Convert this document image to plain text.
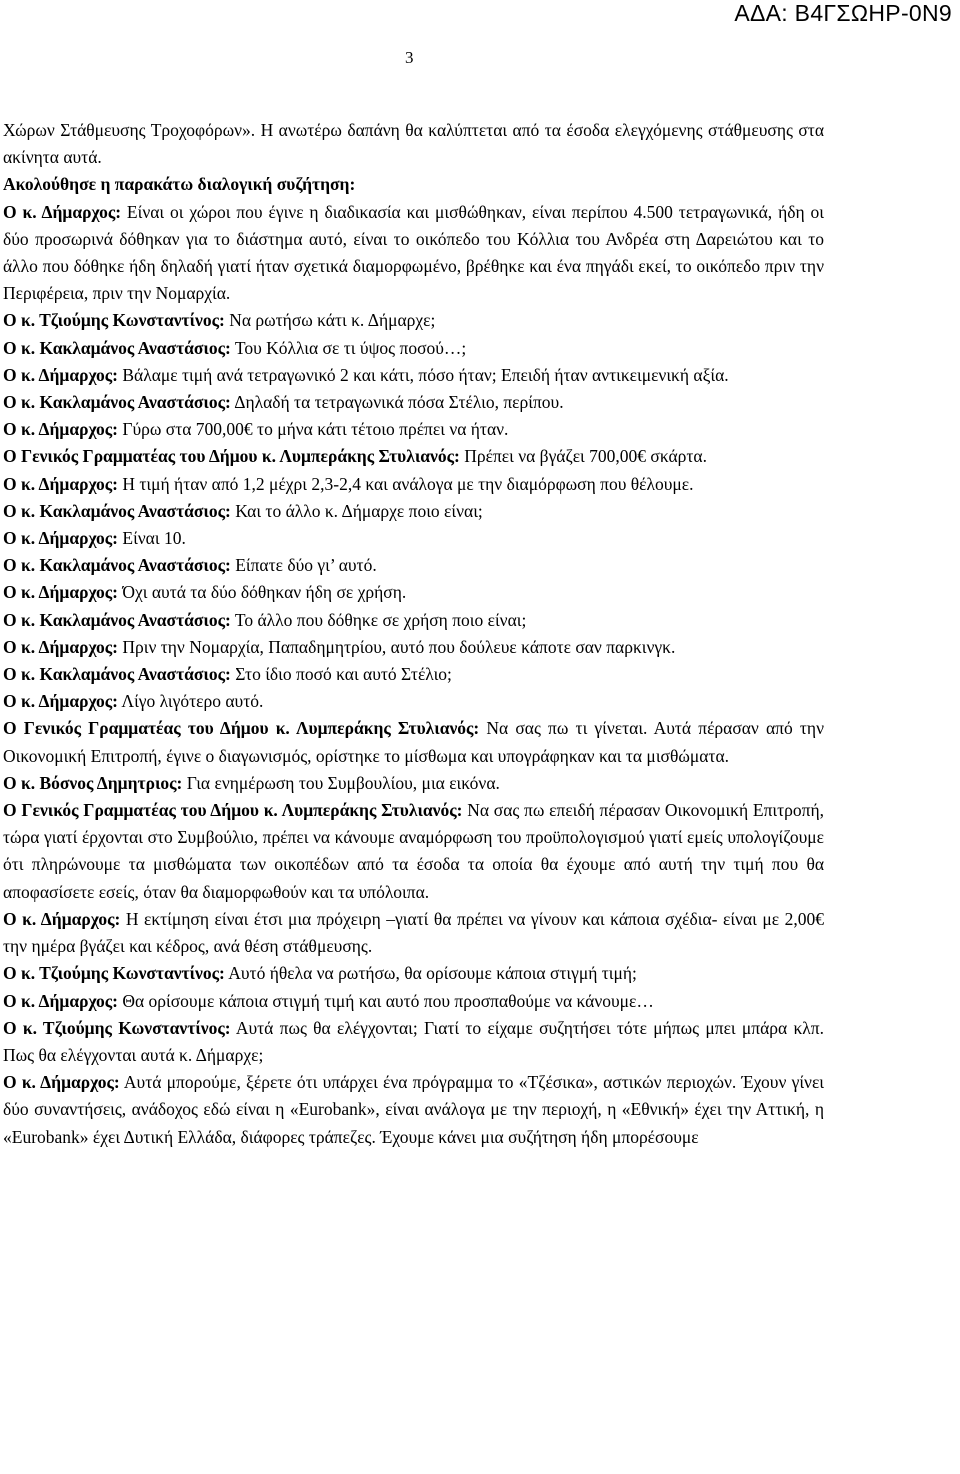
ΑΔΑ: Β4ΓΣΩΗΡ-0Ν9
3

Χώρων Στάθμευσης Τροχοφόρων». Η ανωτέρω δαπάνη θα καλύπτεται από τα έσοδα ελεγχόμενης στάθμευσης στα ακίνητα αυτά.

Ακολούθησε η παρακάτω διαλογική συζήτηση:

Ο κ. Δήμαρχος: Είναι οι χώροι που έγινε η διαδικασία και μισθώθηκαν, είναι περίπου 4.500 τετραγωνικά, ήδη οι δύο προσωρινά δόθηκαν για το διάστημα αυτό, είναι το οικόπεδο του Κόλλια του Ανδρέα στη Δαρειώτου και το άλλο που δόθηκε ήδη δηλαδή γιατί ήταν σχετικά διαμορφωμένο, βρέθηκε και ένα πηγάδι εκεί, το οικόπεδο πριν την Περιφέρεια, πριν την Νομαρχία.

Ο κ. Τζιούμης Κωνσταντίνος: Να ρωτήσω κάτι κ. Δήμαρχε;

Ο κ. Κακλαμάνος Αναστάσιος: Του Κόλλια σε τι ύψος ποσού…;

Ο κ. Δήμαρχος: Βάλαμε τιμή ανά τετραγωνικό 2 και κάτι, πόσο ήταν; Επειδή ήταν αντικειμενική αξία.

Ο κ. Κακλαμάνος Αναστάσιος: Δηλαδή τα τετραγωνικά πόσα Στέλιο, περίπου.

Ο κ. Δήμαρχος: Γύρω στα 700,00€ το μήνα κάτι τέτοιο πρέπει να ήταν.

Ο Γενικός Γραμματέας του Δήμου κ. Λυμπεράκης Στυλιανός: Πρέπει να βγάζει 700,00€ σκάρτα.

Ο κ. Δήμαρχος: Η τιμή ήταν από 1,2 μέχρι 2,3-2,4 και ανάλογα με την διαμόρφωση που θέλουμε.

Ο κ. Κακλαμάνος Αναστάσιος: Και το άλλο κ. Δήμαρχε ποιο είναι;

Ο κ. Δήμαρχος: Είναι 10.

Ο κ. Κακλαμάνος Αναστάσιος: Είπατε δύο γι’ αυτό.

Ο κ. Δήμαρχος: Όχι αυτά τα δύο δόθηκαν ήδη σε χρήση.

Ο κ. Κακλαμάνος Αναστάσιος: Το άλλο που δόθηκε σε χρήση ποιο είναι;

Ο κ. Δήμαρχος: Πριν την Νομαρχία, Παπαδημητρίου, αυτό που δούλευε κάποτε σαν παρκινγκ.

Ο κ. Κακλαμάνος Αναστάσιος: Στο ίδιο ποσό και αυτό Στέλιο;

Ο κ. Δήμαρχος: Λίγο λιγότερο αυτό.

Ο Γενικός Γραμματέας του Δήμου κ. Λυμπεράκης Στυλιανός: Να σας πω τι γίνεται. Αυτά πέρασαν από την Οικονομική Επιτροπή, έγινε ο διαγωνισμός, ορίστηκε το μίσθωμα και υπογράφηκαν και τα μισθώματα.

Ο κ. Βόσνος Δημητριος: Για ενημέρωση του Συμβουλίου, μια εικόνα.

Ο Γενικός Γραμματέας του Δήμου κ. Λυμπεράκης Στυλιανός: Να σας πω επειδή πέρασαν Οικονομική Επιτροπή, τώρα γιατί έρχονται στο Συμβούλιο, πρέπει να κάνουμε αναμόρφωση του προϋπολογισμού γιατί εμείς υπολογίζουμε ότι πληρώνουμε τα μισθώματα των οικοπέδων από τα έσοδα τα οποία θα έχουμε από αυτή την τιμή που θα αποφασίσετε εσείς, όταν θα διαμορφωθούν και τα υπόλοιπα.

Ο κ. Δήμαρχος: Η εκτίμηση είναι έτσι μια πρόχειρη –γιατί θα πρέπει να γίνουν και κάποια σχέδια- είναι με 2,00€ την ημέρα βγάζει και κέδρος, ανά θέση στάθμευσης.

Ο κ. Τζιούμης Κωνσταντίνος: Αυτό ήθελα να ρωτήσω, θα ορίσουμε κάποια στιγμή τιμή;

Ο κ. Δήμαρχος: Θα ορίσουμε κάποια στιγμή τιμή και αυτό που προσπαθούμε να κάνουμε…

Ο κ. Τζιούμης Κωνσταντίνος: Αυτά πως θα ελέγχονται; Γιατί το είχαμε συζητήσει τότε μήπως μπει μπάρα κλπ. Πως θα ελέγχονται αυτά κ. Δήμαρχε;

Ο κ. Δήμαρχος: Αυτά μπορούμε, ξέρετε ότι υπάρχει ένα πρόγραμμα το «Τζέσικα», αστικών περιοχών. Έχουν γίνει δύο συναντήσεις, ανάδοχος εδώ είναι η «Eurobank», είναι ανάλογα με την περιοχή, η «Εθνική» έχει την Αττική, η «Eurobank» έχει Δυτική Ελλάδα, διάφορες τράπεζες. Έχουμε κάνει μια συζήτηση ήδη μπορέσουμε
